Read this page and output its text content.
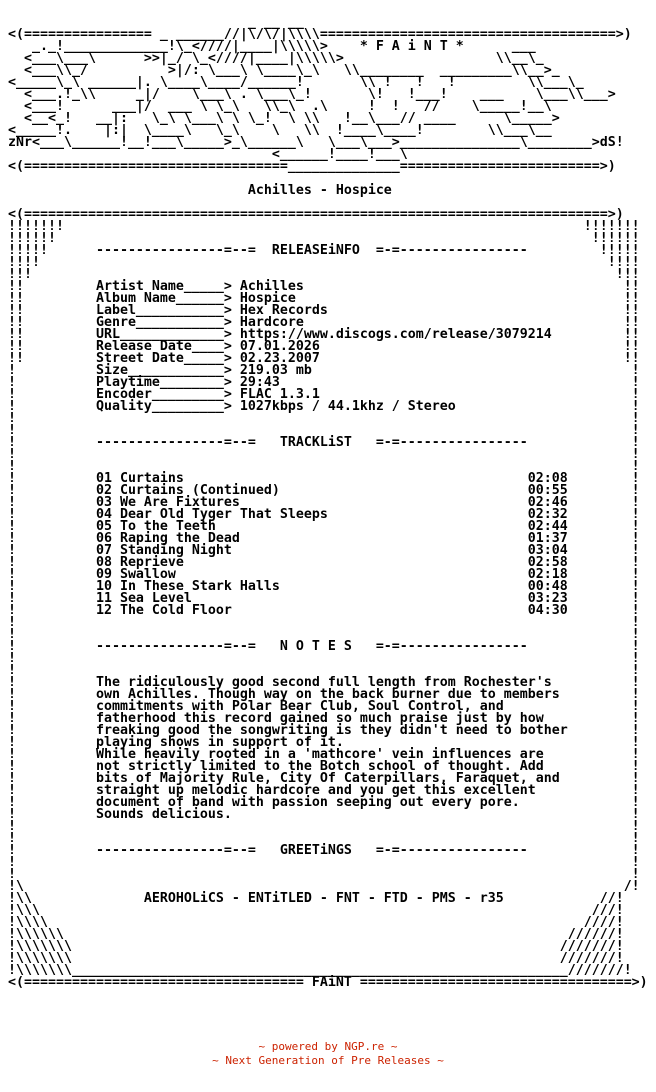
_ __ __
<(================ _ ______//|\/\/|\\\\=====================================>)
_._!_____________!\_<////|____|\\\\\>    * F A i N T *      ___
<___\___\      >>|_/ \_<////|____|\\\\\>                   \\__\_
<___\\_/          >|/: \___\ \____\_\   \\________  _________\\__>_
<_____\_\ ______|. \____\____/______!       \\ !   !   !         \\___\_
<___.!_\\     _|/    \___\ . \___\_!       \!   !___!    ___    \___\\___>
<___!      ___|/  ___ \ \_\   \\_\  .\     !  !   //    \_____!__\
<__<_!   __|:   \_\ \___\ \ \_!  \ \\   !__\___// ____      \_____>
<_____!.    |:|  \____\   \_\    \   \\  !____\____!        \\___\__
zNr<___\______!__!___\_____>_\______\   \___\___>_______________\________>dS!
<______!____!___\
<(=================================______________=========================>)

Achilles - Hospice

<(=========================================================================>)
!!!!!!!                                                                 !!!!!!!
!!!!!!                                                                   !!!!!!
!!!!!      ----------------=--=  RELEASEiNFO  =-=----------------         !!!!!
!!!!                                                                       !!!!
!!!                                                                         !!!
!!         Artist Name_____> Achilles                                        !!
!!         Album Name______> Hospice                                         !!
!!         Label___________> Hex Records                                     !!
!!         Genre___________> Hardcore                                        !!
!!         URL_____________> https://www.discogs.com/release/3079214         !!
!!         Release Date____> 07.01.2026                                      !!
!!         Street Date_____> 02.23.2007                                      !!
!          Size____________> 219.03 mb                                        !
!          Playtime________> 29:43                                            !
!          Encoder_________> FLAC 1.3.1                                       !
!          Quality_________> 1027kbps / 44.1khz / Stereo                      !
!                                                                             !
!                                                                             !
!          ----------------=--=   TRACKLiST   =-=----------------             !
!                                                                             !
!                                                                             !
!          01 Curtains                                           02:08        !
!          02 Curtains (Continued)                               00:55        !
!          03 We Are Fixtures                                    02:46        !
!          04 Dear Old Tyger That Sleeps                         02:32        !
!          05 To the Teeth                                       02:44        !
!          06 Raping the Dead                                    01:37        !
!          07 Standing Night                                     03:04        !
!          08 Reprieve                                           02:58        !
!          09 Swallow                                            02:18        !
!          10 In These Stark Halls                               00:48        !
!          11 Sea Level                                          03:23        !
!          12 The Cold Floor                                     04:30        !
!                                                                             !
!                                                                             !
!          ----------------=--=   N O T E S   =-=----------------             !
!                                                                             !
!                                                                             !
!          The ridiculously good second full length from Rochester's          !
!          own Achilles. Though way on the back burner due to members         !
!          commitments with Polar Bear Club, Soul Control, and                !
!          fatherhood this record gained so much praise just by how           !
!          freaking good the songwriting is they didn't need to bother        !
!          playing shows in support of it.                                    !
!          While heavily rooted in a 'mathcore' vein influences are           !
!          not strictly limited to the Botch school of thought. Add           !
!          bits of Majority Rule, City Of Caterpillars, Faraquet, and         !
!          straight up melodic hardcore and you get this excellent            !
!          document of band with passion seeping out every pore.              !
!          Sounds delicious.                                                  !
!                                                                             !
!                                                                             !
!          ----------------=--=   GREETiNGS   =-=----------------             !
!                                                                             !
!                                                                             !
!\                                                                           /!
!\\              AEROHOLiCS - ENTiTLED - FNT - FTD - PMS - r35            //!
!\\\                                                                     ///!
!\\\\                                                                   ////!
!\\\\\\                                                               //////!
!\\\\\\\                                                             ///////!
!\\\\\\\                                                             ///////!
!\\\\\\\______________________________________________________________///////!
<(=================================== FAiNT ==================================>)
~ powered by NGP.re ~
~ Next Generation of Pre Releases ~
